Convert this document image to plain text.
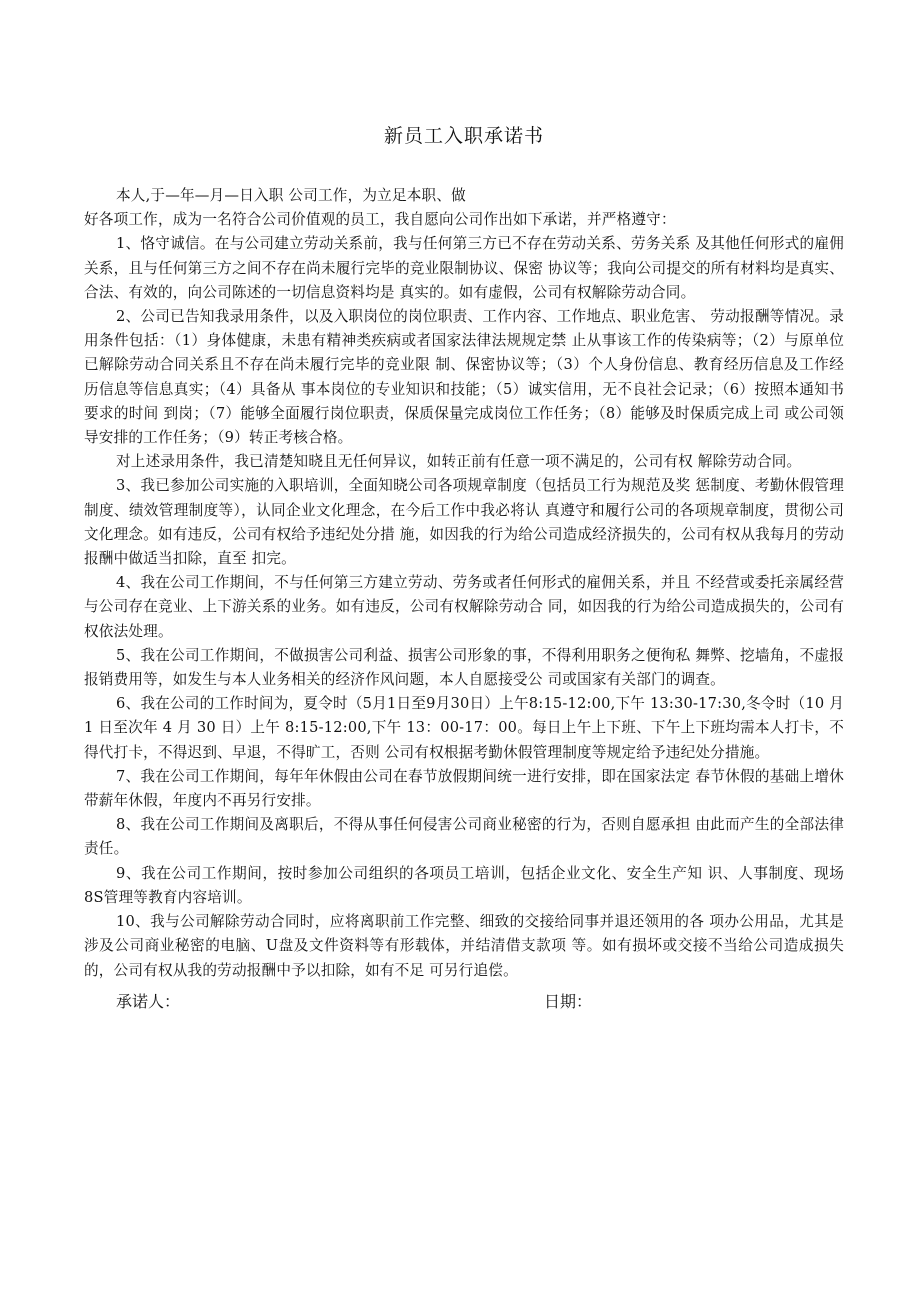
新员工入职承诺书

本人,于—年—月—日入职 公司工作，为立足本职、做

好各项工作，成为一名符合公司价值观的员工，我自愿向公司作出如下承诺，并严格遵守：

1、恪守诚信。在与公司建立劳动关系前，我与任何第三方已不存在劳动关系、劳务关系 及其他任何形式的雇佣关系，且与任何第三方之间不存在尚未履行完毕的竞业限制协议、保密 协议等；我向公司提交的所有材料均是真实、合法、有效的，向公司陈述的一切信息资料均是 真实的。如有虚假，公司有权解除劳动合同。

2、公司已告知我录用条件，以及入职岗位的岗位职责、工作内容、工作地点、职业危害、 劳动报酬等情况。录用条件包括：（1）身体健康，未患有精神类疾病或者国家法律法规规定禁 止从事该工作的传染病等；（2）与原单位已解除劳动合同关系且不存在尚未履行完毕的竞业限 制、保密协议等；（3）个人身份信息、教育经历信息及工作经历信息等信息真实；（4）具备从 事本岗位的专业知识和技能；（5）诚实信用，无不良社会记录；（6）按照本通知书要求的时间 到岗；（7）能够全面履行岗位职责，保质保量完成岗位工作任务；（8）能够及时保质完成上司 或公司领导安排的工作任务；（9）转正考核合格。

对上述录用条件，我已清楚知晓且无任何异议，如转正前有任意一项不满足的，公司有权 解除劳动合同。

3、我已参加公司实施的入职培训，全面知晓公司各项规章制度（包括员工行为规范及奖 惩制度、考勤休假管理制度、绩效管理制度等），认同企业文化理念，在今后工作中我必将认 真遵守和履行公司的各项规章制度，贯彻公司文化理念。如有违反，公司有权给予违纪处分措 施，如因我的行为给公司造成经济损失的，公司有权从我每月的劳动报酬中做适当扣除，直至 扣完。

4、我在公司工作期间，不与任何第三方建立劳动、劳务或者任何形式的雇佣关系，并且 不经营或委托亲属经营与公司存在竞业、上下游关系的业务。如有违反，公司有权解除劳动合 同，如因我的行为给公司造成损失的，公司有权依法处理。

5、我在公司工作期间，不做损害公司利益、损害公司形象的事，不得利用职务之便徇私 舞弊、挖墙角，不虚报报销费用等，如发生与本人业务相关的经济作风问题，本人自愿接受公 司或国家有关部门的调查。

6、我在公司的工作时间为，夏令时（5月1日至9月30日）上午8:15-12:00,下午 13:30-17:30,冬令时（10 月 1 日至次年 4 月 30 日）上午 8:15-12:00,下午 13：00-17：00。每日上午上下班、下午上下班均需本人打卡，不得代打卡，不得迟到、早退，不得旷工，否则 公司有权根据考勤休假管理制度等规定给予违纪处分措施。

7、我在公司工作期间，每年年休假由公司在春节放假期间统一进行安排，即在国家法定 春节休假的基础上增休带薪年休假，年度内不再另行安排。

8、我在公司工作期间及离职后，不得从事任何侵害公司商业秘密的行为，否则自愿承担 由此而产生的全部法律责任。

9、我在公司工作期间，按时参加公司组织的各项员工培训，包括企业文化、安全生产知 识、人事制度、现场8S管理等教育内容培训。

10、我与公司解除劳动合同时，应将离职前工作完整、细致的交接给同事并退还领用的各 项办公用品，尤其是涉及公司商业秘密的电脑、U盘及文件资料等有形载体，并结清借支款项 等。如有损坏或交接不当给公司造成损失的，公司有权从我的劳动报酬中予以扣除，如有不足 可另行追偿。

承诺人：	日期：
